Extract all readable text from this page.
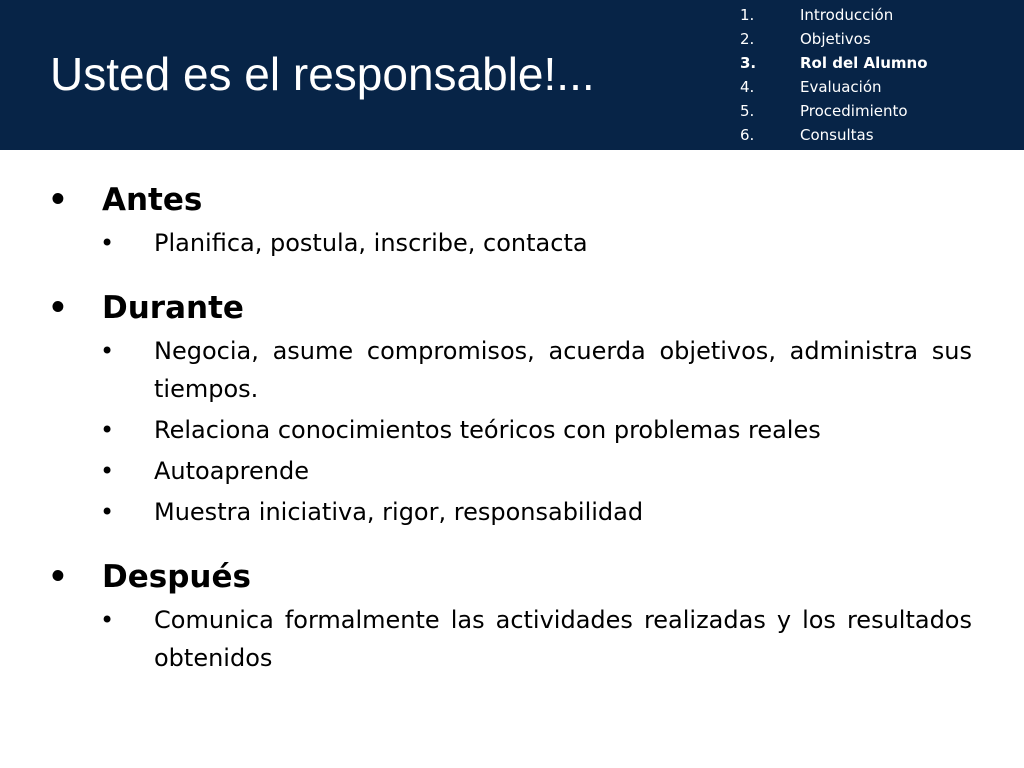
Usted es el responsable!...
1.	Introducción
2.	Objetivos
3.	Rol del Alumno
4.	Evaluación
5.	Procedimiento
6.	Consultas
•	Antes
•	Planifica, postula, inscribe, contacta
•	Durante
•	Negocia, asume compromisos, acuerda objetivos, administra sus tiempos.
•	Relaciona conocimientos teóricos con problemas reales
•	Autoaprende
•	Muestra iniciativa, rigor, responsabilidad
•	Después
•	Comunica formalmente las actividades realizadas y los resultados obtenidos
